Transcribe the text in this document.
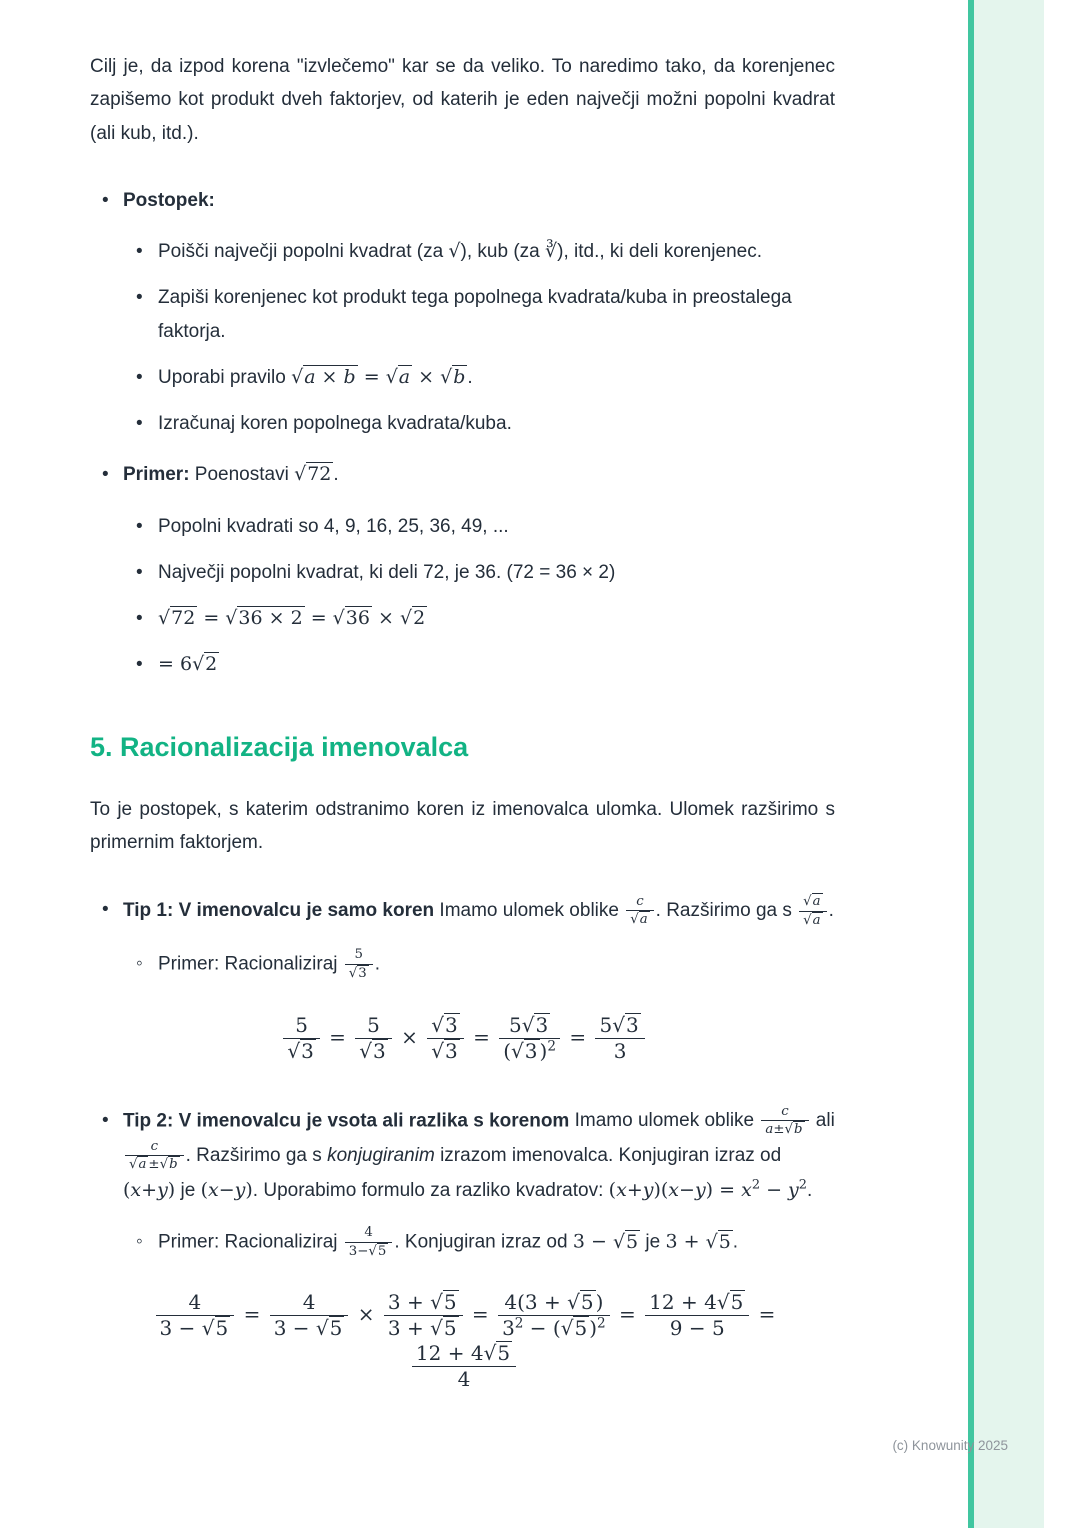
Cilj je, da izpod korena "izvlečemo" kar se da veliko. To naredimo tako, da korenjenec zapišemo kot produkt dveh faktorjev, od katerih je eden največji možni popolni kvadrat (ali kub, itd.).

• Postopek:
• Poišči največji popolni kvadrat (za √), kub (za ∛), itd., ki deli korenjenec.
• Zapiši korenjenec kot produkt tega popolnega kvadrata/kuba in preostalega faktorja.
• Uporabi pravilo √ a × b = √ a × √ b .
• Izračunaj koren popolnega kvadrata/kuba.
• Primer: Poenostavi √ 72 .
• Popolni kvadrati so 4, 9, 16, 25, 36, 49, ...
• Največji popolni kvadrat, ki deli 72, je 36. (72 = 36 × 2)
• √ 72 = √ 36 × 2 = √ 36 × √ 2
• = 6 √ 2
5. Racionalizacija imenovalca

To je postopek, s katerim odstranimo koren iz imenovalca ulomka. Ulomek razširimo s primernim faktorjem.

• Tip 1: V imenovalcu je samo koren Imamo ulomek oblike c
√ a . Razširimo ga s √ a
√ a .
◦ Primer: Racionaliziraj 5
√ 3 .
5
√ 3 = 5
√ 3 × √ 3
√ $3 = \frac{5 √ 3}{( √ 3 )^2} = \frac{5 √ 3}{3}$
• Tip 2: V imenovalcu je vsota ali razlika s korenom Imamo ulomek oblike $\frac{c}{a\pm √ b}$ ali
c
√ a ± √ b . Razširimo ga s konjugiranim izrazom imenovalca. Konjugiran izraz od (x+y) je (x−y). Uporabimo formulo za razliko kvadratov: $(x+y)(x-y) = x^2 - y^2$.
◦ Primer: Racionaliziraj $\frac{4}{3- √ 5}$ . Konjugiran izraz od 3 − √ 5 je 3 + √ 5 .
$\frac{4}{3 - √ 5} = \frac{4}{3 - √ 5} \times \frac{3 + √ 5}{3 + √ 5} = \frac{4(3 + √ 5 )}{3^2 - ( √ 5 )^2} = \frac{12 + 4 √ 5}{9 - 5}$ =
$\frac{12 + 4 √ 5}{4}$
(c) Knowunity 2025
